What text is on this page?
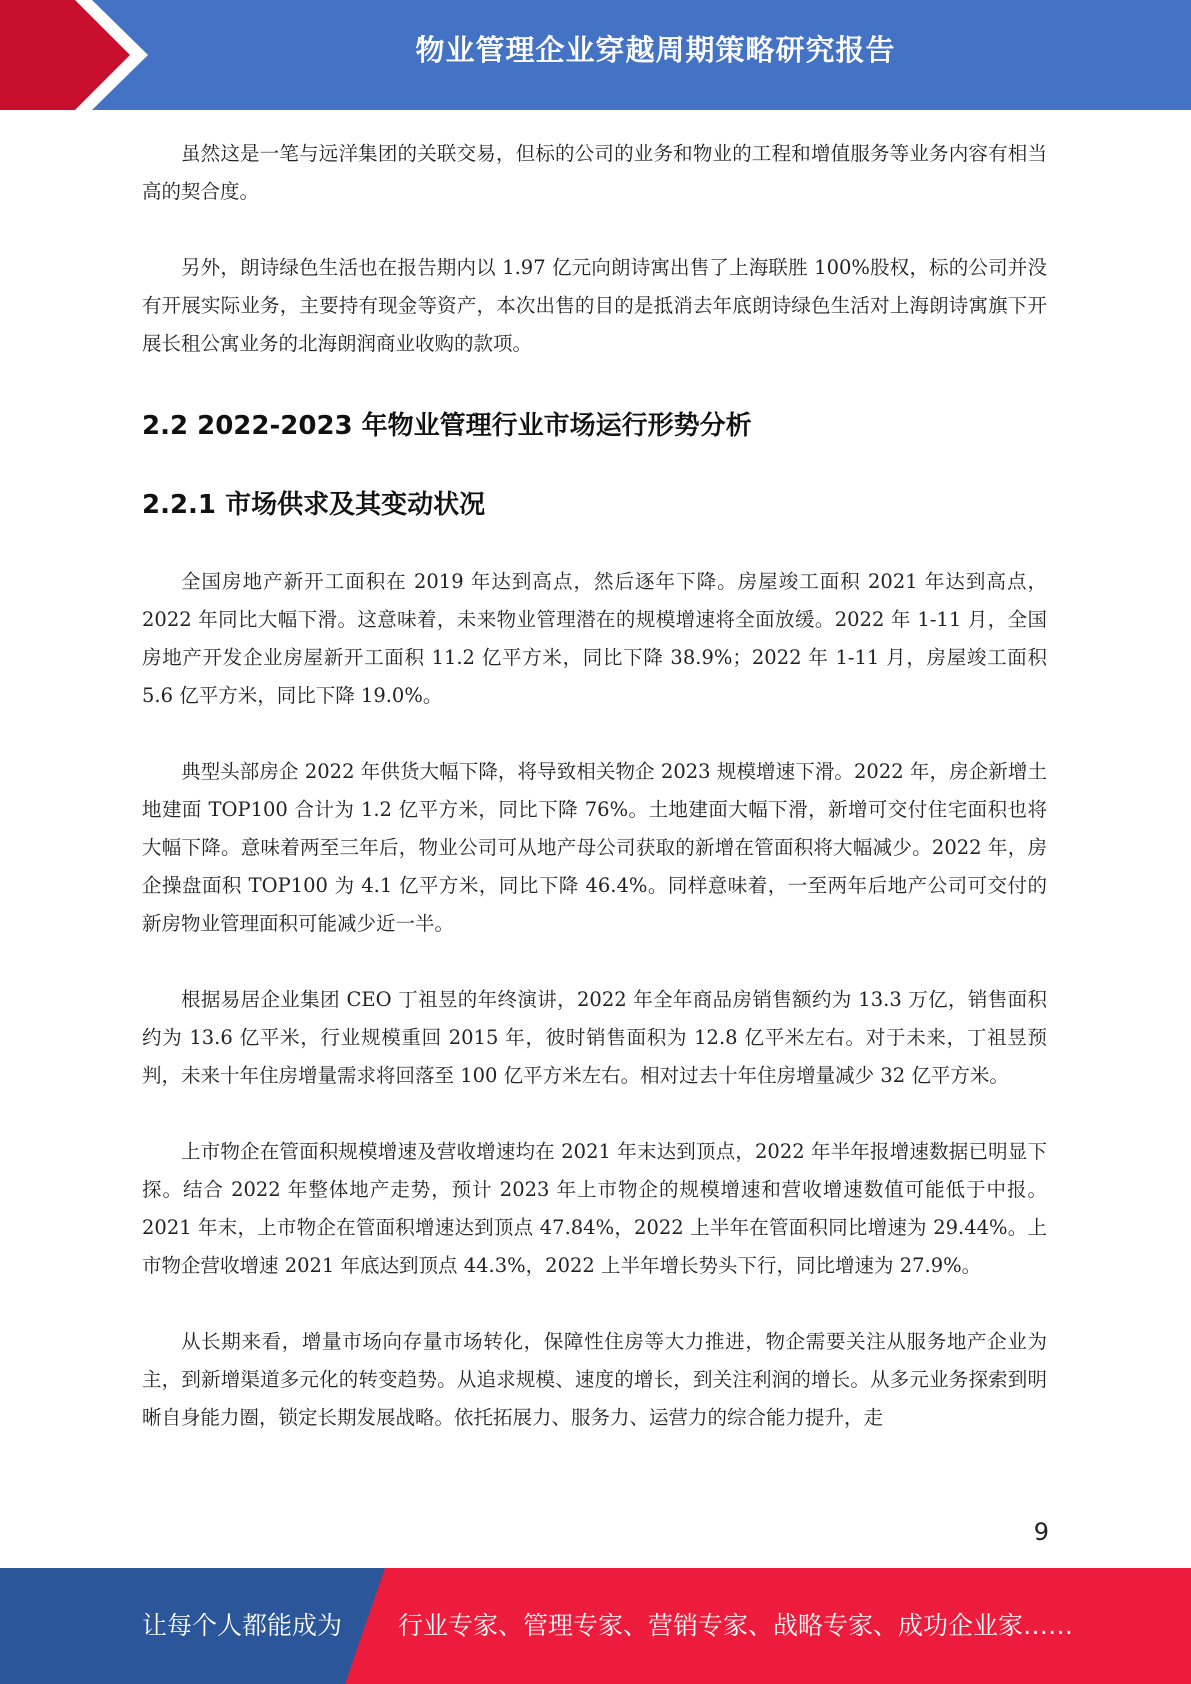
物业管理企业穿越周期策略研究报告

虽然这是一笔与远洋集团的关联交易，但标的公司的业务和物业的工程和增值服务等业务内容有相当高的契合度。

另外，朗诗绿色生活也在报告期内以 1.97 亿元向朗诗寓出售了上海联胜 100%股权，标的公司并没有开展实际业务，主要持有现金等资产，本次出售的目的是抵消去年底朗诗绿色生活对上海朗诗寓旗下开展长租公寓业务的北海朗润商业收购的款项。

2.2 2022-2023 年物业管理行业市场运行形势分析
2.2.1 市场供求及其变动状况

全国房地产新开工面积在 2019 年达到高点，然后逐年下降。房屋竣工面积 2021 年达到高点，2022 年同比大幅下滑。这意味着，未来物业管理潜在的规模增速将全面放缓。2022 年 1-11 月，全国房地产开发企业房屋新开工面积 11.2 亿平方米，同比下降 38.9%；2022 年 1-11 月，房屋竣工面积 5.6 亿平方米，同比下降 19.0%。

典型头部房企 2022 年供货大幅下降，将导致相关物企 2023 规模增速下滑。2022 年，房企新增土地建面 TOP100 合计为 1.2 亿平方米，同比下降 76%。土地建面大幅下滑，新增可交付住宅面积也将大幅下降。意味着两至三年后，物业公司可从地产母公司获取的新增在管面积将大幅减少。2022 年，房企操盘面积 TOP100 为 4.1 亿平方米，同比下降 46.4%。同样意味着，一至两年后地产公司可交付的新房物业管理面积可能减少近一半。

根据易居企业集团 CEO 丁祖昱的年终演讲，2022 年全年商品房销售额约为 13.3 万亿，销售面积约为 13.6 亿平米，行业规模重回 2015 年，彼时销售面积为 12.8 亿平米左右。对于未来，丁祖昱预判，未来十年住房增量需求将回落至 100 亿平方米左右。相对过去十年住房增量减少 32 亿平方米。

上市物企在管面积规模增速及营收增速均在 2021 年末达到顶点，2022 年半年报增速数据已明显下探。结合 2022 年整体地产走势，预计 2023 年上市物企的规模增速和营收增速数值可能低于中报。2021 年末，上市物企在管面积增速达到顶点 47.84%，2022 上半年在管面积同比增速为 29.44%。上市物企营收增速 2021 年底达到顶点 44.3%，2022 上半年增长势头下行，同比增速为 27.9%。

从长期来看，增量市场向存量市场转化，保障性住房等大力推进，物企需要关注从服务地产企业为主，到新增渠道多元化的转变趋势。从追求规模、速度的增长，到关注利润的增长。从多元业务探索到明晰自身能力圈，锁定长期发展战略。依托拓展力、服务力、运营力的综合能力提升，走

9
让每个人都能成为 行业专家、管理专家、营销专家、战略专家、成功企业家……
